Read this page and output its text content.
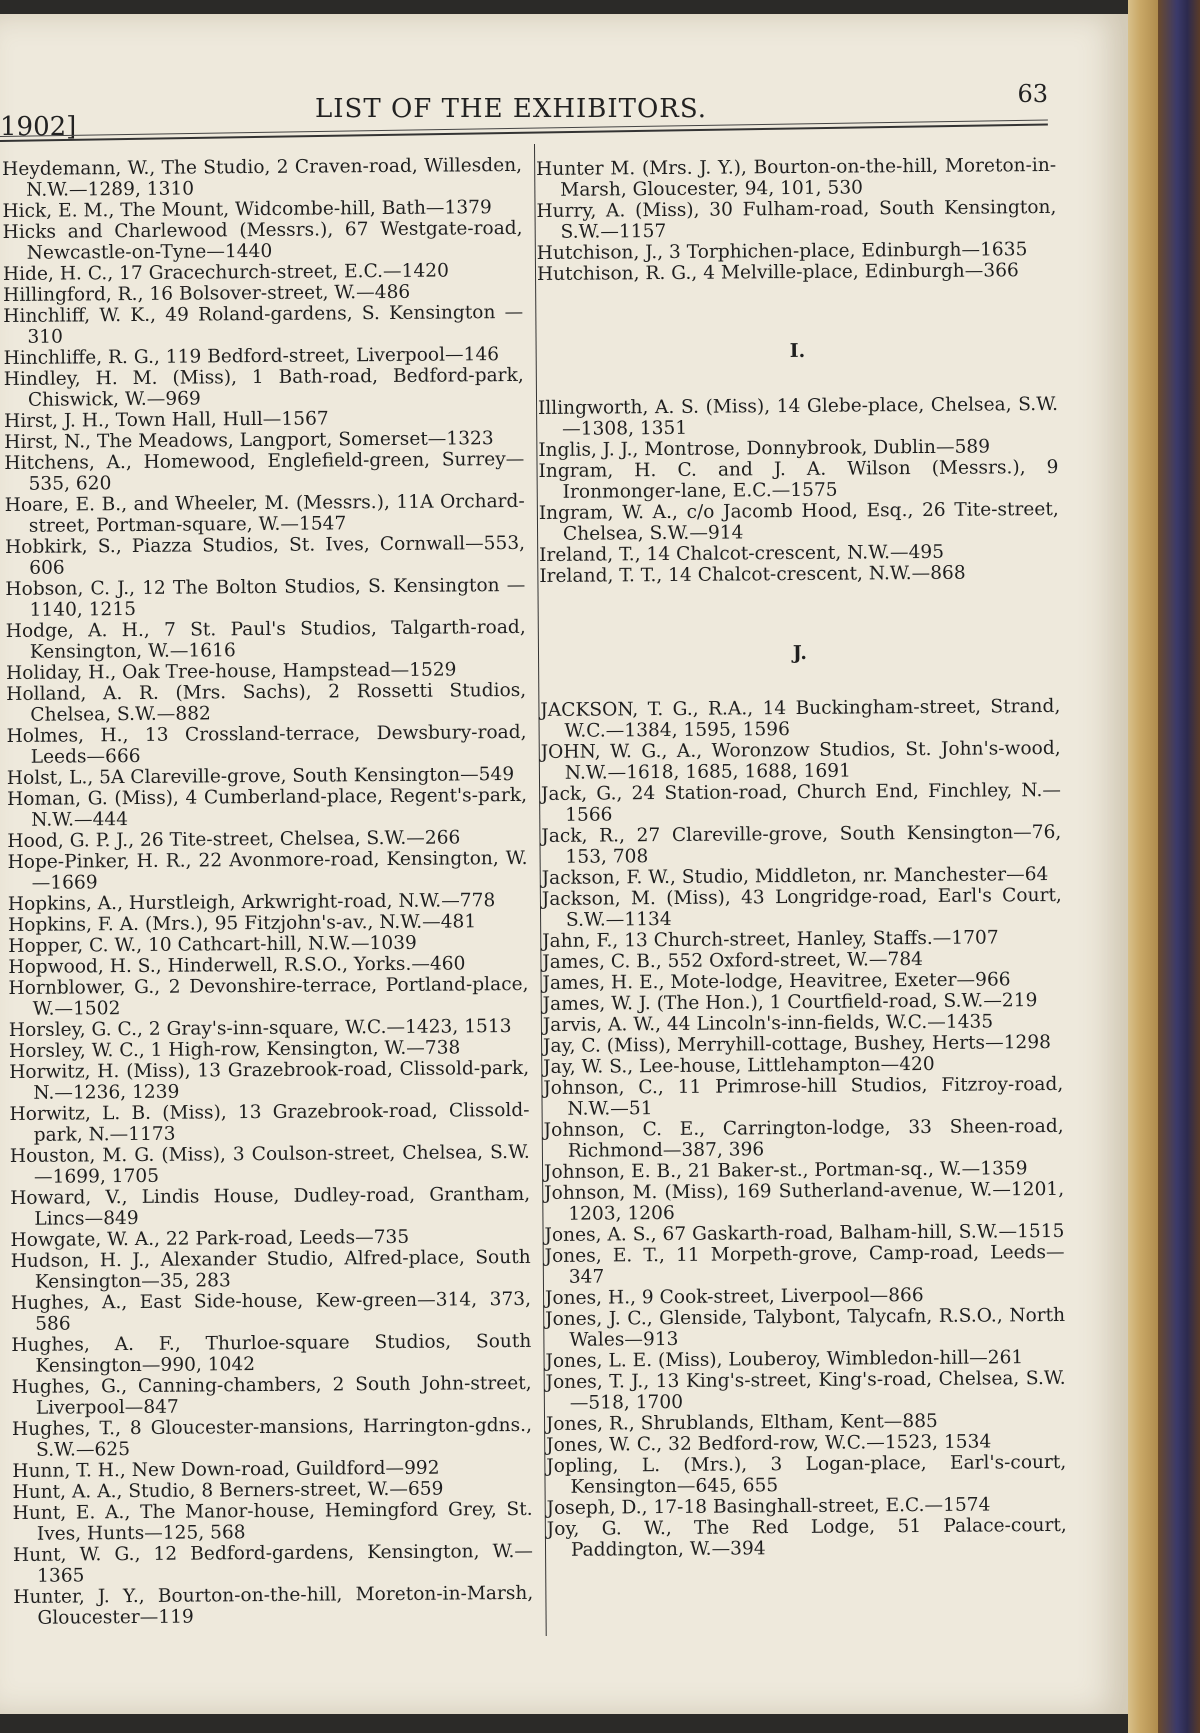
1902]
LIST OF THE EXHIBITORS.	63
Heydemann, W., The Studio, 2 Craven-road, Willesden, N.W.—1289, 1310
Hick, E. M., The Mount, Widcombe-hill, Bath—1379
Hicks and Charlewood (Messrs.), 67 Westgate-road, Newcastle-on-Tyne—1440
Hide, H. C., 17 Gracechurch-street, E.C.—1420
Hillingford, R., 16 Bolsover-street, W.—486
Hinchliff, W. K., 49 Roland-gardens, S. Kensington —310
Hinchliffe, R. G., 119 Bedford-street, Liverpool—146
Hindley, H. M. (Miss), 1 Bath-road, Bedford-park, Chiswick, W.—969
Hirst, J. H., Town Hall, Hull—1567
Hirst, N., The Meadows, Langport, Somerset—1323
Hitchens, A., Homewood, Englefield-green, Surrey—535, 620
Hoare, E. B., and Wheeler, M. (Messrs.), 11A Orchard-street, Portman-square, W.—1547
Hobkirk, S., Piazza Studios, St. Ives, Cornwall—553, 606
Hobson, C. J., 12 The Bolton Studios, S. Kensington —1140, 1215
Hodge, A. H., 7 St. Paul's Studios, Talgarth-road, Kensington, W.—1616
Holiday, H., Oak Tree-house, Hampstead—1529
Holland, A. R. (Mrs. Sachs), 2 Rossetti Studios, Chelsea, S.W.—882
Holmes, H., 13 Crossland-terrace, Dewsbury-road, Leeds—666
Holst, L., 5A Clareville-grove, South Kensington—549
Homan, G. (Miss), 4 Cumberland-place, Regent's-park, N.W.—444
Hood, G. P. J., 26 Tite-street, Chelsea, S.W.—266
Hope-Pinker, H. R., 22 Avonmore-road, Kensington, W. —1669
Hopkins, A., Hurstleigh, Arkwright-road, N.W.—778
Hopkins, F. A. (Mrs.), 95 Fitzjohn's-av., N.W.—481
Hopper, C. W., 10 Cathcart-hill, N.W.—1039
Hopwood, H. S., Hinderwell, R.S.O., Yorks.—460
Hornblower, G., 2 Devonshire-terrace, Portland-place, W.—1502
Horsley, G. C., 2 Gray's-inn-square, W.C.—1423, 1513
Horsley, W. C., 1 High-row, Kensington, W.—738
Horwitz, H. (Miss), 13 Grazebrook-road, Clissold-park, N.—1236, 1239
Horwitz, L. B. (Miss), 13 Grazebrook-road, Clissold-park, N.—1173
Houston, M. G. (Miss), 3 Coulson-street, Chelsea, S.W. —1699, 1705
Howard, V., Lindis House, Dudley-road, Grantham, Lincs—849
Howgate, W. A., 22 Park-road, Leeds—735
Hudson, H. J., Alexander Studio, Alfred-place, South Kensington—35, 283
Hughes, A., East Side-house, Kew-green—314, 373, 586
Hughes, A. F., Thurloe-square Studios, South Kensington—990, 1042
Hughes, G., Canning-chambers, 2 South John-street, Liverpool—847
Hughes, T., 8 Gloucester-mansions, Harrington-gdns., S.W.—625
Hunn, T. H., New Down-road, Guildford—992
Hunt, A. A., Studio, 8 Berners-street, W.—659
Hunt, E. A., The Manor-house, Hemingford Grey, St. Ives, Hunts—125, 568
Hunt, W. G., 12 Bedford-gardens, Kensington, W.—1365
Hunter, J. Y., Bourton-on-the-hill, Moreton-in-Marsh, Gloucester—119
Hunter M. (Mrs. J. Y.), Bourton-on-the-hill, Moreton-in-Marsh, Gloucester, 94, 101, 530
Hurry, A. (Miss), 30 Fulham-road, South Kensington, S.W.—1157
Hutchison, J., 3 Torphichen-place, Edinburgh—1635
Hutchison, R. G., 4 Melville-place, Edinburgh—366
I.
Illingworth, A. S. (Miss), 14 Glebe-place, Chelsea, S.W. —1308, 1351
Inglis, J. J., Montrose, Donnybrook, Dublin—589
Ingram, H. C. and J. A. Wilson (Messrs.), 9 Ironmonger-lane, E.C.—1575
Ingram, W. A., c/o Jacomb Hood, Esq., 26 Tite-street, Chelsea, S.W.—914
Ireland, T., 14 Chalcot-crescent, N.W.—495
Ireland, T. T., 14 Chalcot-crescent, N.W.—868
J.
JACKSON, T. G., R.A., 14 Buckingham-street, Strand, W.C.—1384, 1595, 1596
JOHN, W. G., A., Woronzow Studios, St. John's-wood, N.W.—1618, 1685, 1688, 1691
Jack, G., 24 Station-road, Church End, Finchley, N.—1566
Jack, R., 27 Clareville-grove, South Kensington—76, 153, 708
Jackson, F. W., Studio, Middleton, nr. Manchester—64
Jackson, M. (Miss), 43 Longridge-road, Earl's Court, S.W.—1134
Jahn, F., 13 Church-street, Hanley, Staffs.—1707
James, C. B., 552 Oxford-street, W.—784
James, H. E., Mote-lodge, Heavitree, Exeter—966
James, W. J. (The Hon.), 1 Courtfield-road, S.W.—219
Jarvis, A. W., 44 Lincoln's-inn-fields, W.C.—1435
Jay, C. (Miss), Merryhill-cottage, Bushey, Herts—1298
Jay, W. S., Lee-house, Littlehampton—420
Johnson, C., 11 Primrose-hill Studios, Fitzroy-road, N.W.—51
Johnson, C. E., Carrington-lodge, 33 Sheen-road, Richmond—387, 396
Johnson, E. B., 21 Baker-st., Portman-sq., W.—1359
Johnson, M. (Miss), 169 Sutherland-avenue, W.—1201, 1203, 1206
Jones, A. S., 67 Gaskarth-road, Balham-hill, S.W.—1515
Jones, E. T., 11 Morpeth-grove, Camp-road, Leeds—347
Jones, H., 9 Cook-street, Liverpool—866
Jones, J. C., Glenside, Talybont, Talycafn, R.S.O., North Wales—913
Jones, L. E. (Miss), Louberoy, Wimbledon-hill—261
Jones, T. J., 13 King's-street, King's-road, Chelsea, S.W.—518, 1700
Jones, R., Shrublands, Eltham, Kent—885
Jones, W. C., 32 Bedford-row, W.C.—1523, 1534
Jopling, L. (Mrs.), 3 Logan-place, Earl's-court, Kensington—645, 655
Joseph, D., 17-18 Basinghall-street, E.C.—1574
Joy, G. W., The Red Lodge, 51 Palace-court, Paddington, W.—394
